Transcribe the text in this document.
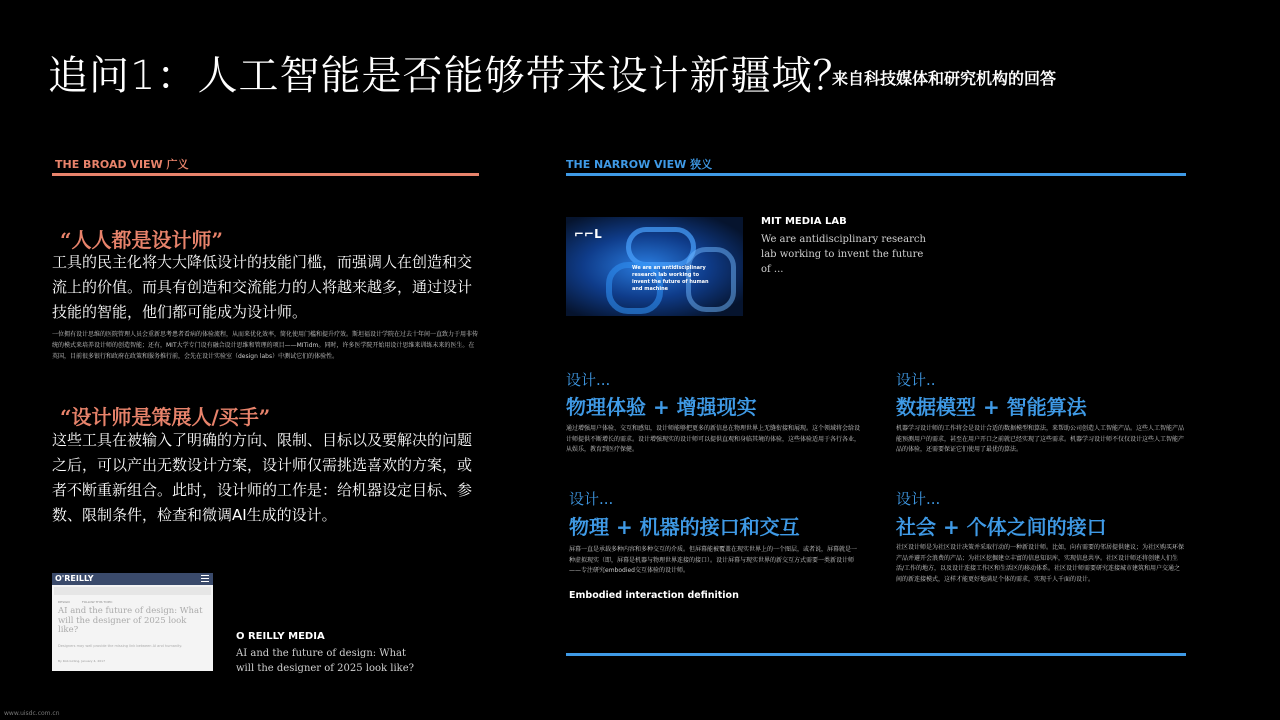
追问1：人工智能是否能够带来设计新疆域？
来自科技媒体和研究机构的回答
THE BROAD VIEW 广义
“人人都是设计师”
工具的民主化将大大降低设计的技能门槛，而强调人在创造和交流上的价值。而具有创造和交流能力的人将越来越多，通过设计技能的智能，他们都可能成为设计师。
一位拥有设计思维的医院管理人员会重新思考患者看病的体验流程，从而来优化效率，简化使用门槛和提升疗效。斯坦福设计学院在过去十年间一直致力于用非传统的模式来培养设计师的创造智能；还有，MIT大学专门设有融合设计思维和管理的项目——MITidm。同时，许多医学院开始用设计思维来训练未来的医生。在英国，目前很多银行和政府在政策和服务推行前，会先在设计实验室（design labs）中测试它们的体验性。
“设计师是策展人/买手”
这些工具在被输入了明确的方向、限制、目标以及要解决的问题之后，可以产出无数设计方案，设计师仅需挑选喜欢的方案，或者不断重新组合。此时，设计师的工作是：给机器设定目标、参数、限制条件，检查和微调AI生成的设计。
O'REILLY
DESIGN	FOLLOW THIS TOPIC
AI and the future of design: What will the designer of 2025 look like?
Designers may well provide the missing link between AI and humanity.
By Rob Girling, January 4, 2017
O REILLY MEDIA
AI and the future of design: What will the designer of 2025 look like?
THE NARROW VIEW 狭义
⌐⌐L
We are an antidisciplinary research lab working to invent the future of human and machine
MIT MEDIA LAB
We are antidisciplinary research lab working to invent the future of ...
设计...
物理体验 + 增强现实
通过增强用户体验、交互和感知，设计师能够把更多的新信息在物理世界上无缝衔接和展现。这个领域将会给设计师提供不断增长的需求。设计增强现实的设计师可以提供直观和身临其境的体验，这些体验适用于各行各业，从娱乐，教育到医疗保健。
设计..
数据模型 + 智能算法
机器学习设计师的工作将会是设计合适的数据模型和算法，来帮助公司创造人工智能产品。这些人工智能产品能预测用户的需求，甚至在用户开口之前就已经实现了这些需求。机器学习设计师不仅仅设计这些人工智能产品的体验，还需要保证它们使用了最优的算法。
设计...
物理 + 机器的接口和交互
屏幕一直是承载多种内容和多种交互的介质。但屏幕能被覆盖在现实世界上的一个图层，或者说，屏幕就是一种虚拟现实（即，屏幕是机器与物理世界连接的接口）。设计屏幕与现实世界的新交互方式需要一类新设计师——专注研究embodied交互体验的设计师。
Embodied interaction definition
设计...
社会 + 个体之间的接口
社区设计师是为社区设计决策并采取行动的一种新设计师。比如，向有需要的邻居提供建议；为社区购买环保产品并避开会浪费的产品；为社区挖掘建立丰富的信息知识库，实现信息共享。社区设计师还将创建人们生活/工作的地方，以及设计连接工作区和生活区的移动体系。社区设计师需要研究连接城市建筑和用户交通之间的新连接模式，这样才能更好地满足个体的需求，实现千人千面的设计。
www.uisdc.com.cn
